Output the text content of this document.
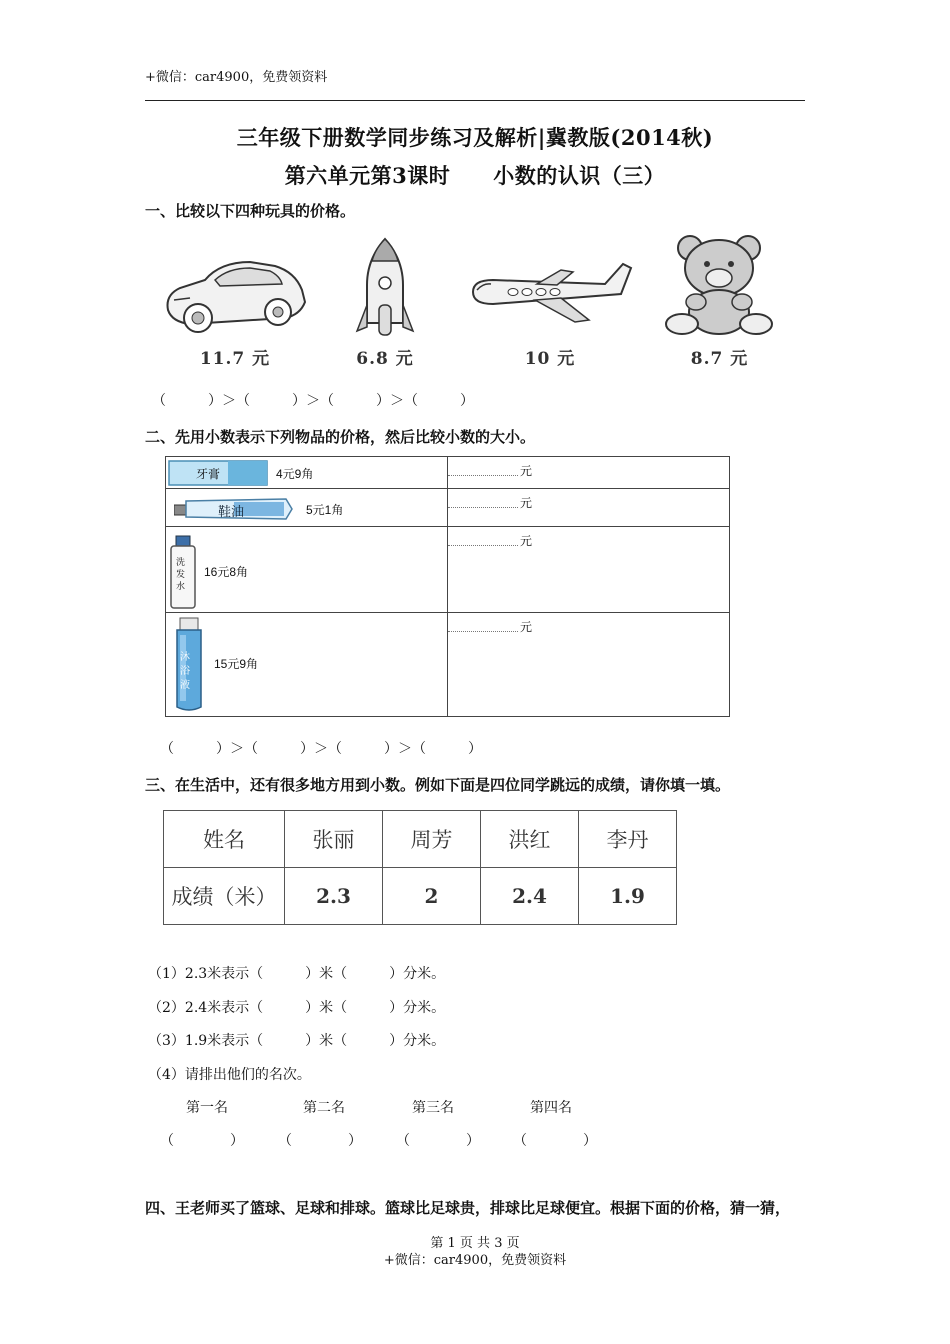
+微信：car4900，免费领资料
三年级下册数学同步练习及解析|冀教版(2014秋)
第六单元第3课时　　小数的认识（三）
一、比较以下四种玩具的价格。
11.7 元	6.8 元	10 元	8.7 元
（　　　）＞（　　　）＞（　　　）＞（　　　）
二、先用小数表示下列物品的价格，然后比较小数的大小。
牙膏 4元9角	元

鞋油 5元1角	元

洗发水
16元8角	元

沐浴液
15元9角	元
（　　　）＞（　　　）＞（　　　）＞（　　　）
三、在生活中，还有很多地方用到小数。例如下面是四位同学跳远的成绩，请你填一填。
姓名	张丽	周芳	洪红	李丹
成绩（米）	2.3	2	2.4	1.9
（1）2.3米表示（　　　）米（　　　）分米。
（2）2.4米表示（　　　）米（　　　）分米。
（3）1.9米表示（　　　）米（　　　）分米。
（4）请排出他们的名次。
第一名	第二名	第三名	第四名
（　　　　） （　　　　） （　　　　） （　　　　）
四、王老师买了篮球、足球和排球。篮球比足球贵，排球比足球便宜。根据下面的价格，猜一猜，
第 1 页 共 3 页
+微信：car4900，免费领资料
